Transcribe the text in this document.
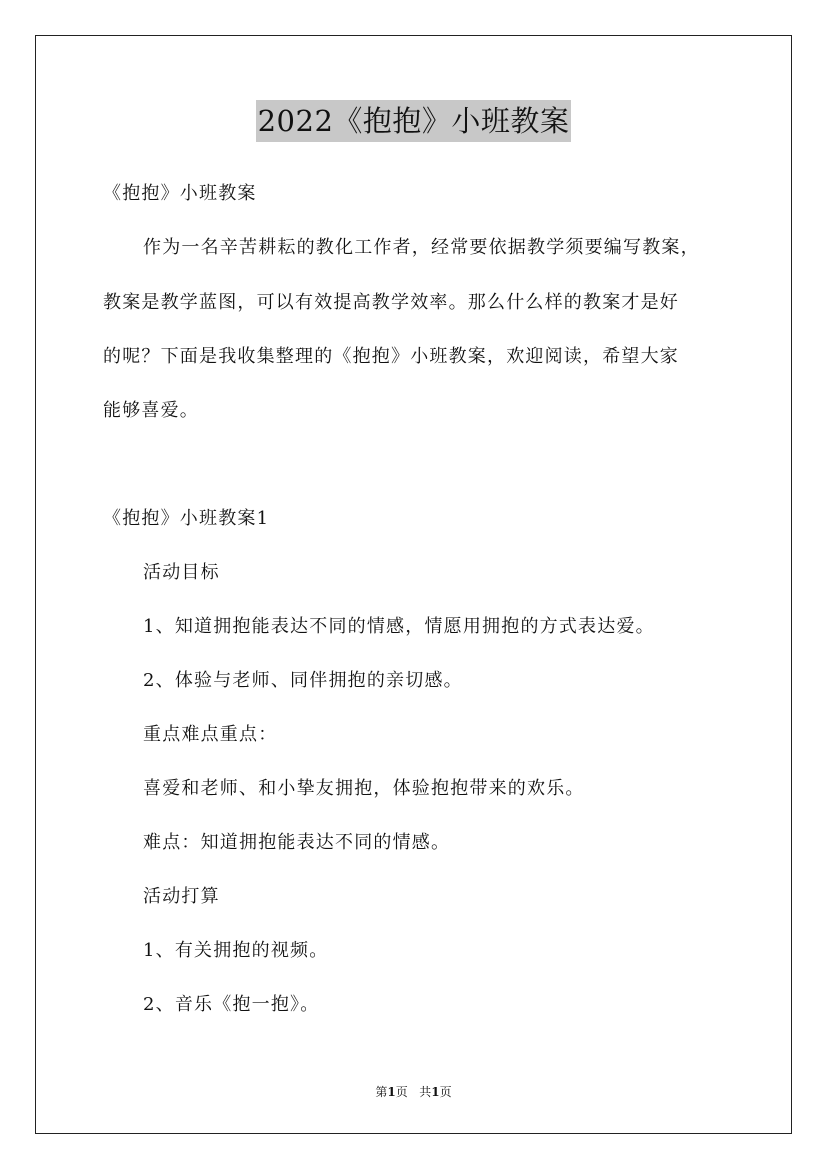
2022《抱抱》小班教案
《抱抱》小班教案
作为一名辛苦耕耘的教化工作者，经常要依据教学须要编写教案，
教案是教学蓝图，可以有效提高教学效率。那么什么样的教案才是好
的呢？下面是我收集整理的《抱抱》小班教案，欢迎阅读，希望大家
能够喜爱。
《抱抱》小班教案1
活动目标
1、知道拥抱能表达不同的情感，情愿用拥抱的方式表达爱。
2、体验与老师、同伴拥抱的亲切感。
重点难点重点：
喜爱和老师、和小挚友拥抱，体验抱抱带来的欢乐。
难点：知道拥抱能表达不同的情感。
活动打算
1、有关拥抱的视频。
2、音乐《抱一抱》。
第1页   共1页
